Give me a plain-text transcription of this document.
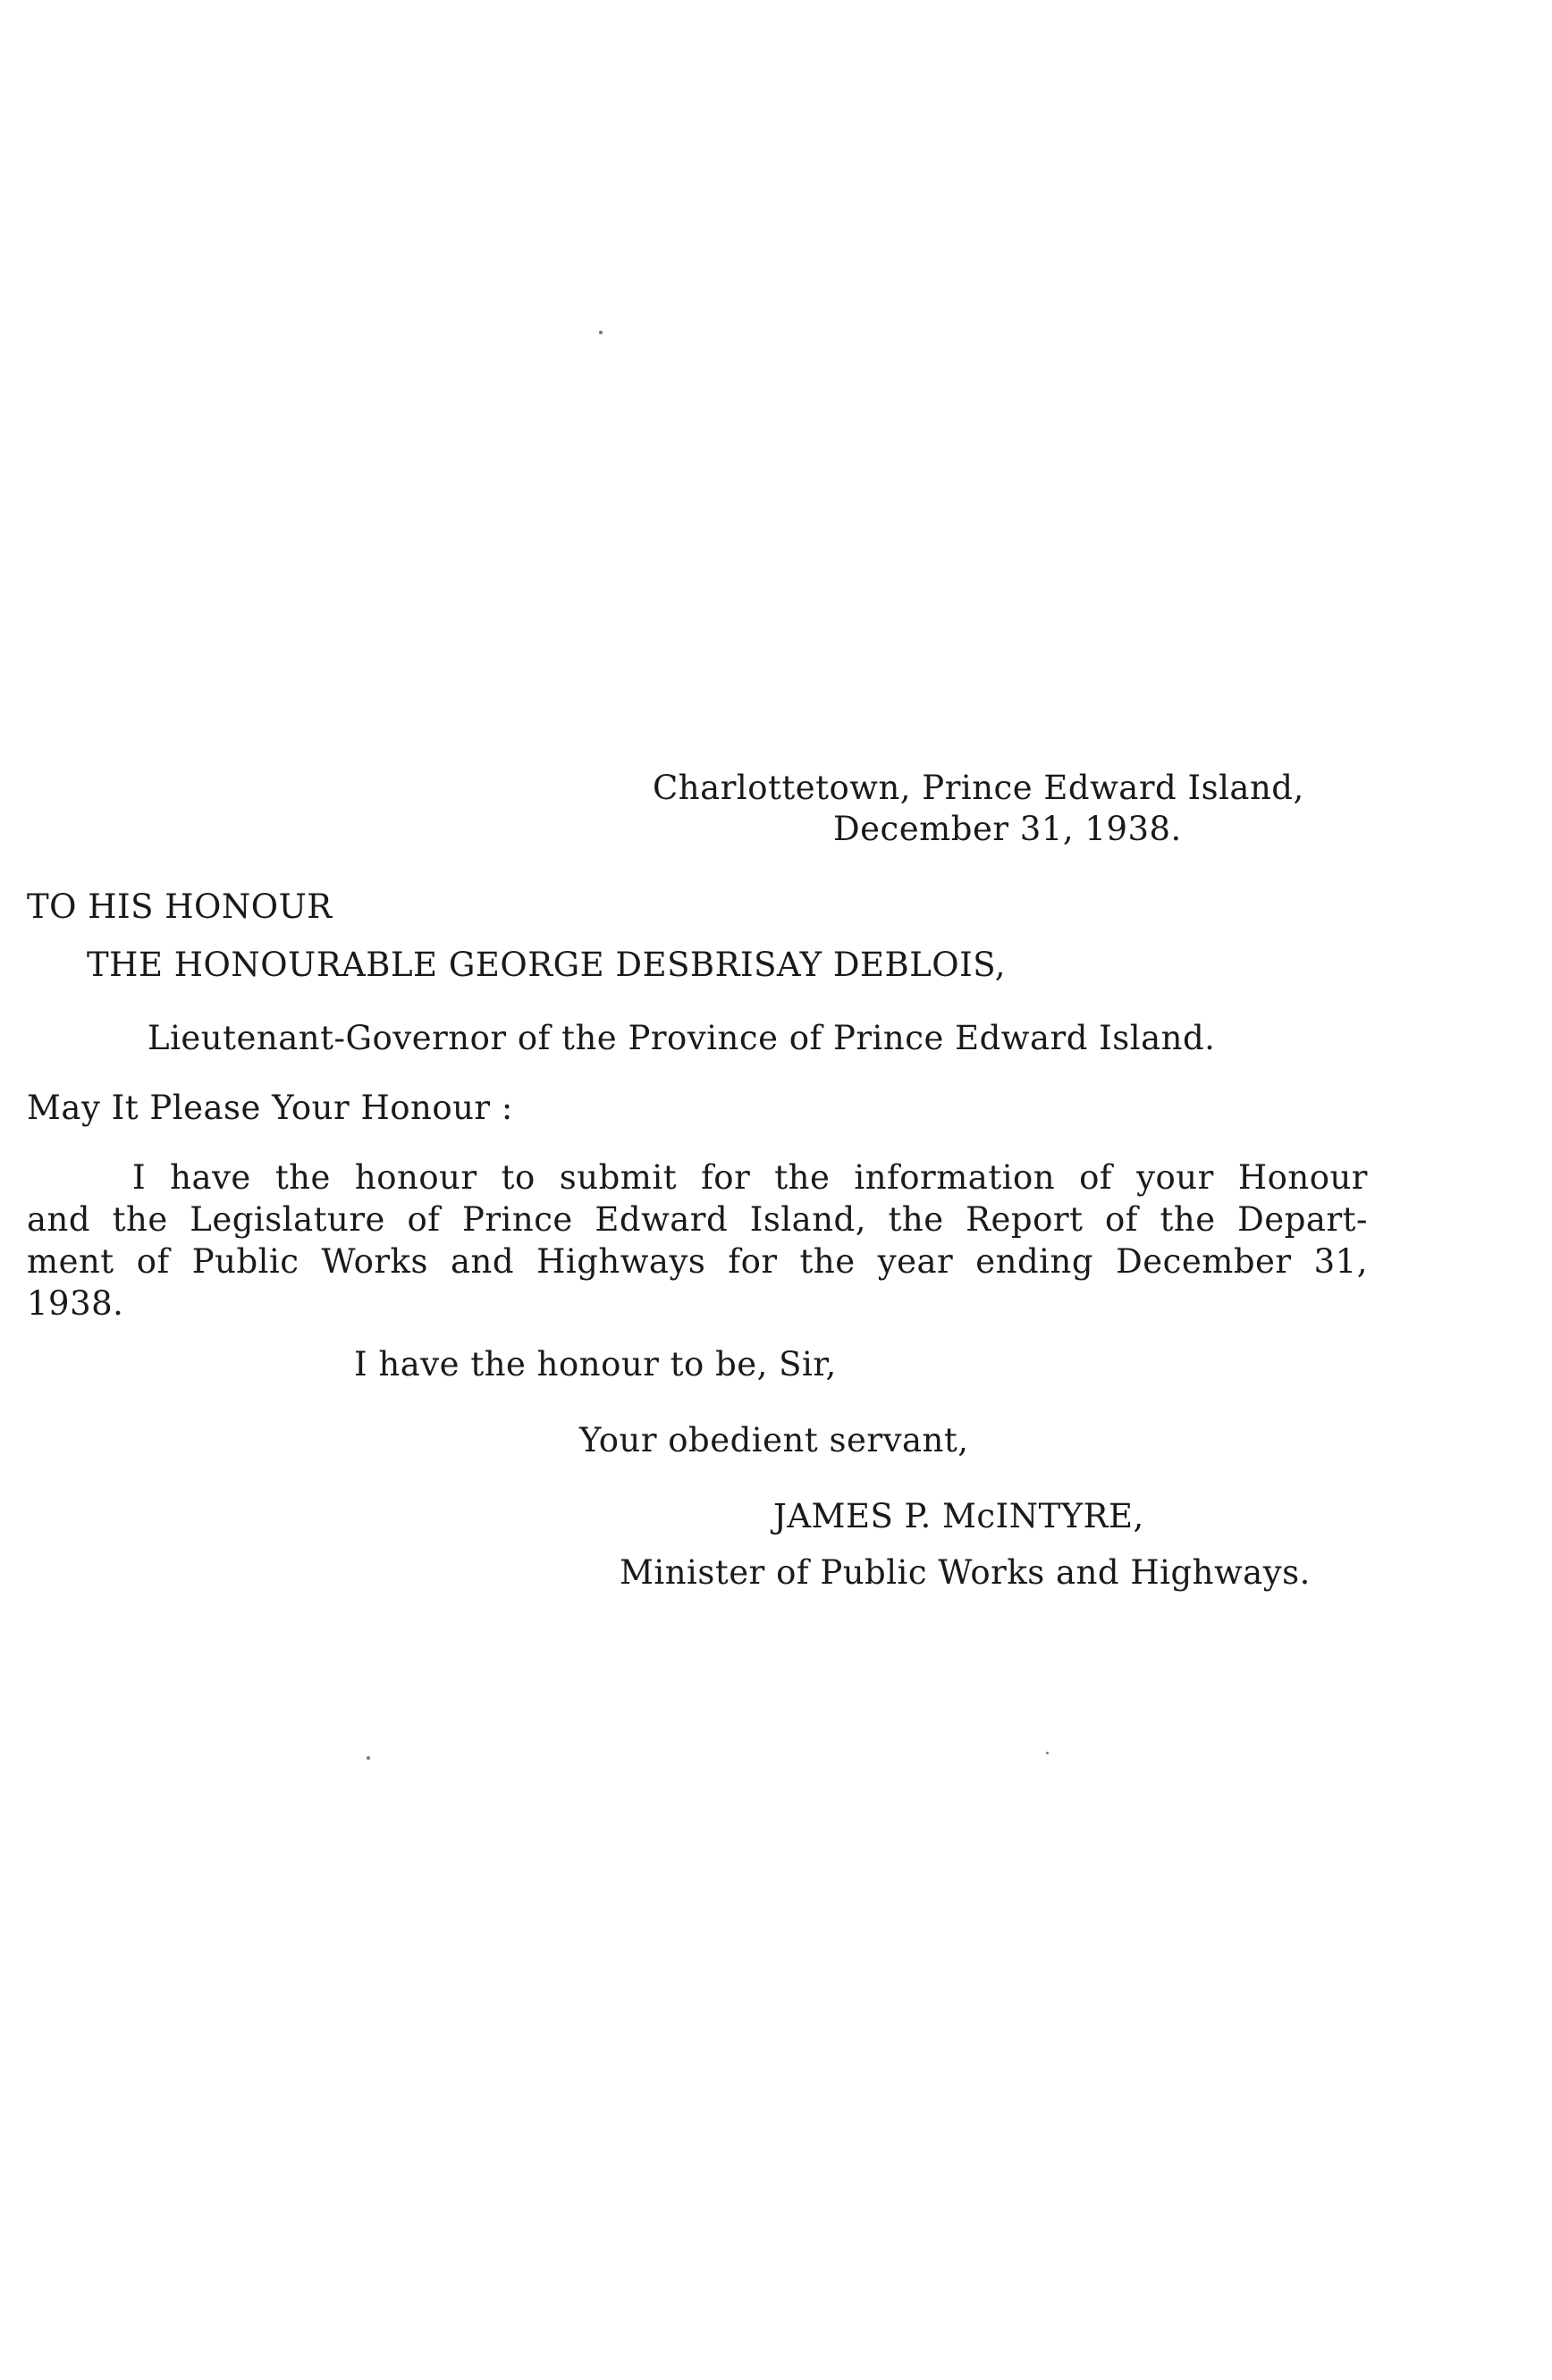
Charlottetown, Prince Edward Island,
December 31, 1938.
TO HIS HONOUR
THE HONOURABLE GEORGE DESBRISAY DEBLOIS,
Lieutenant-Governor of the Province of Prince Edward Island.
May It Please Your Honour :
I have the honour to submit for the information of your Honour
and the Legislature of Prince Edward Island, the Report of the Depart-
ment of Public Works and Highways for the year ending December 31,
1938.
I have the honour to be, Sir,
Your obedient servant,
JAMES P. McINTYRE,
Minister of Public Works and Highways.
